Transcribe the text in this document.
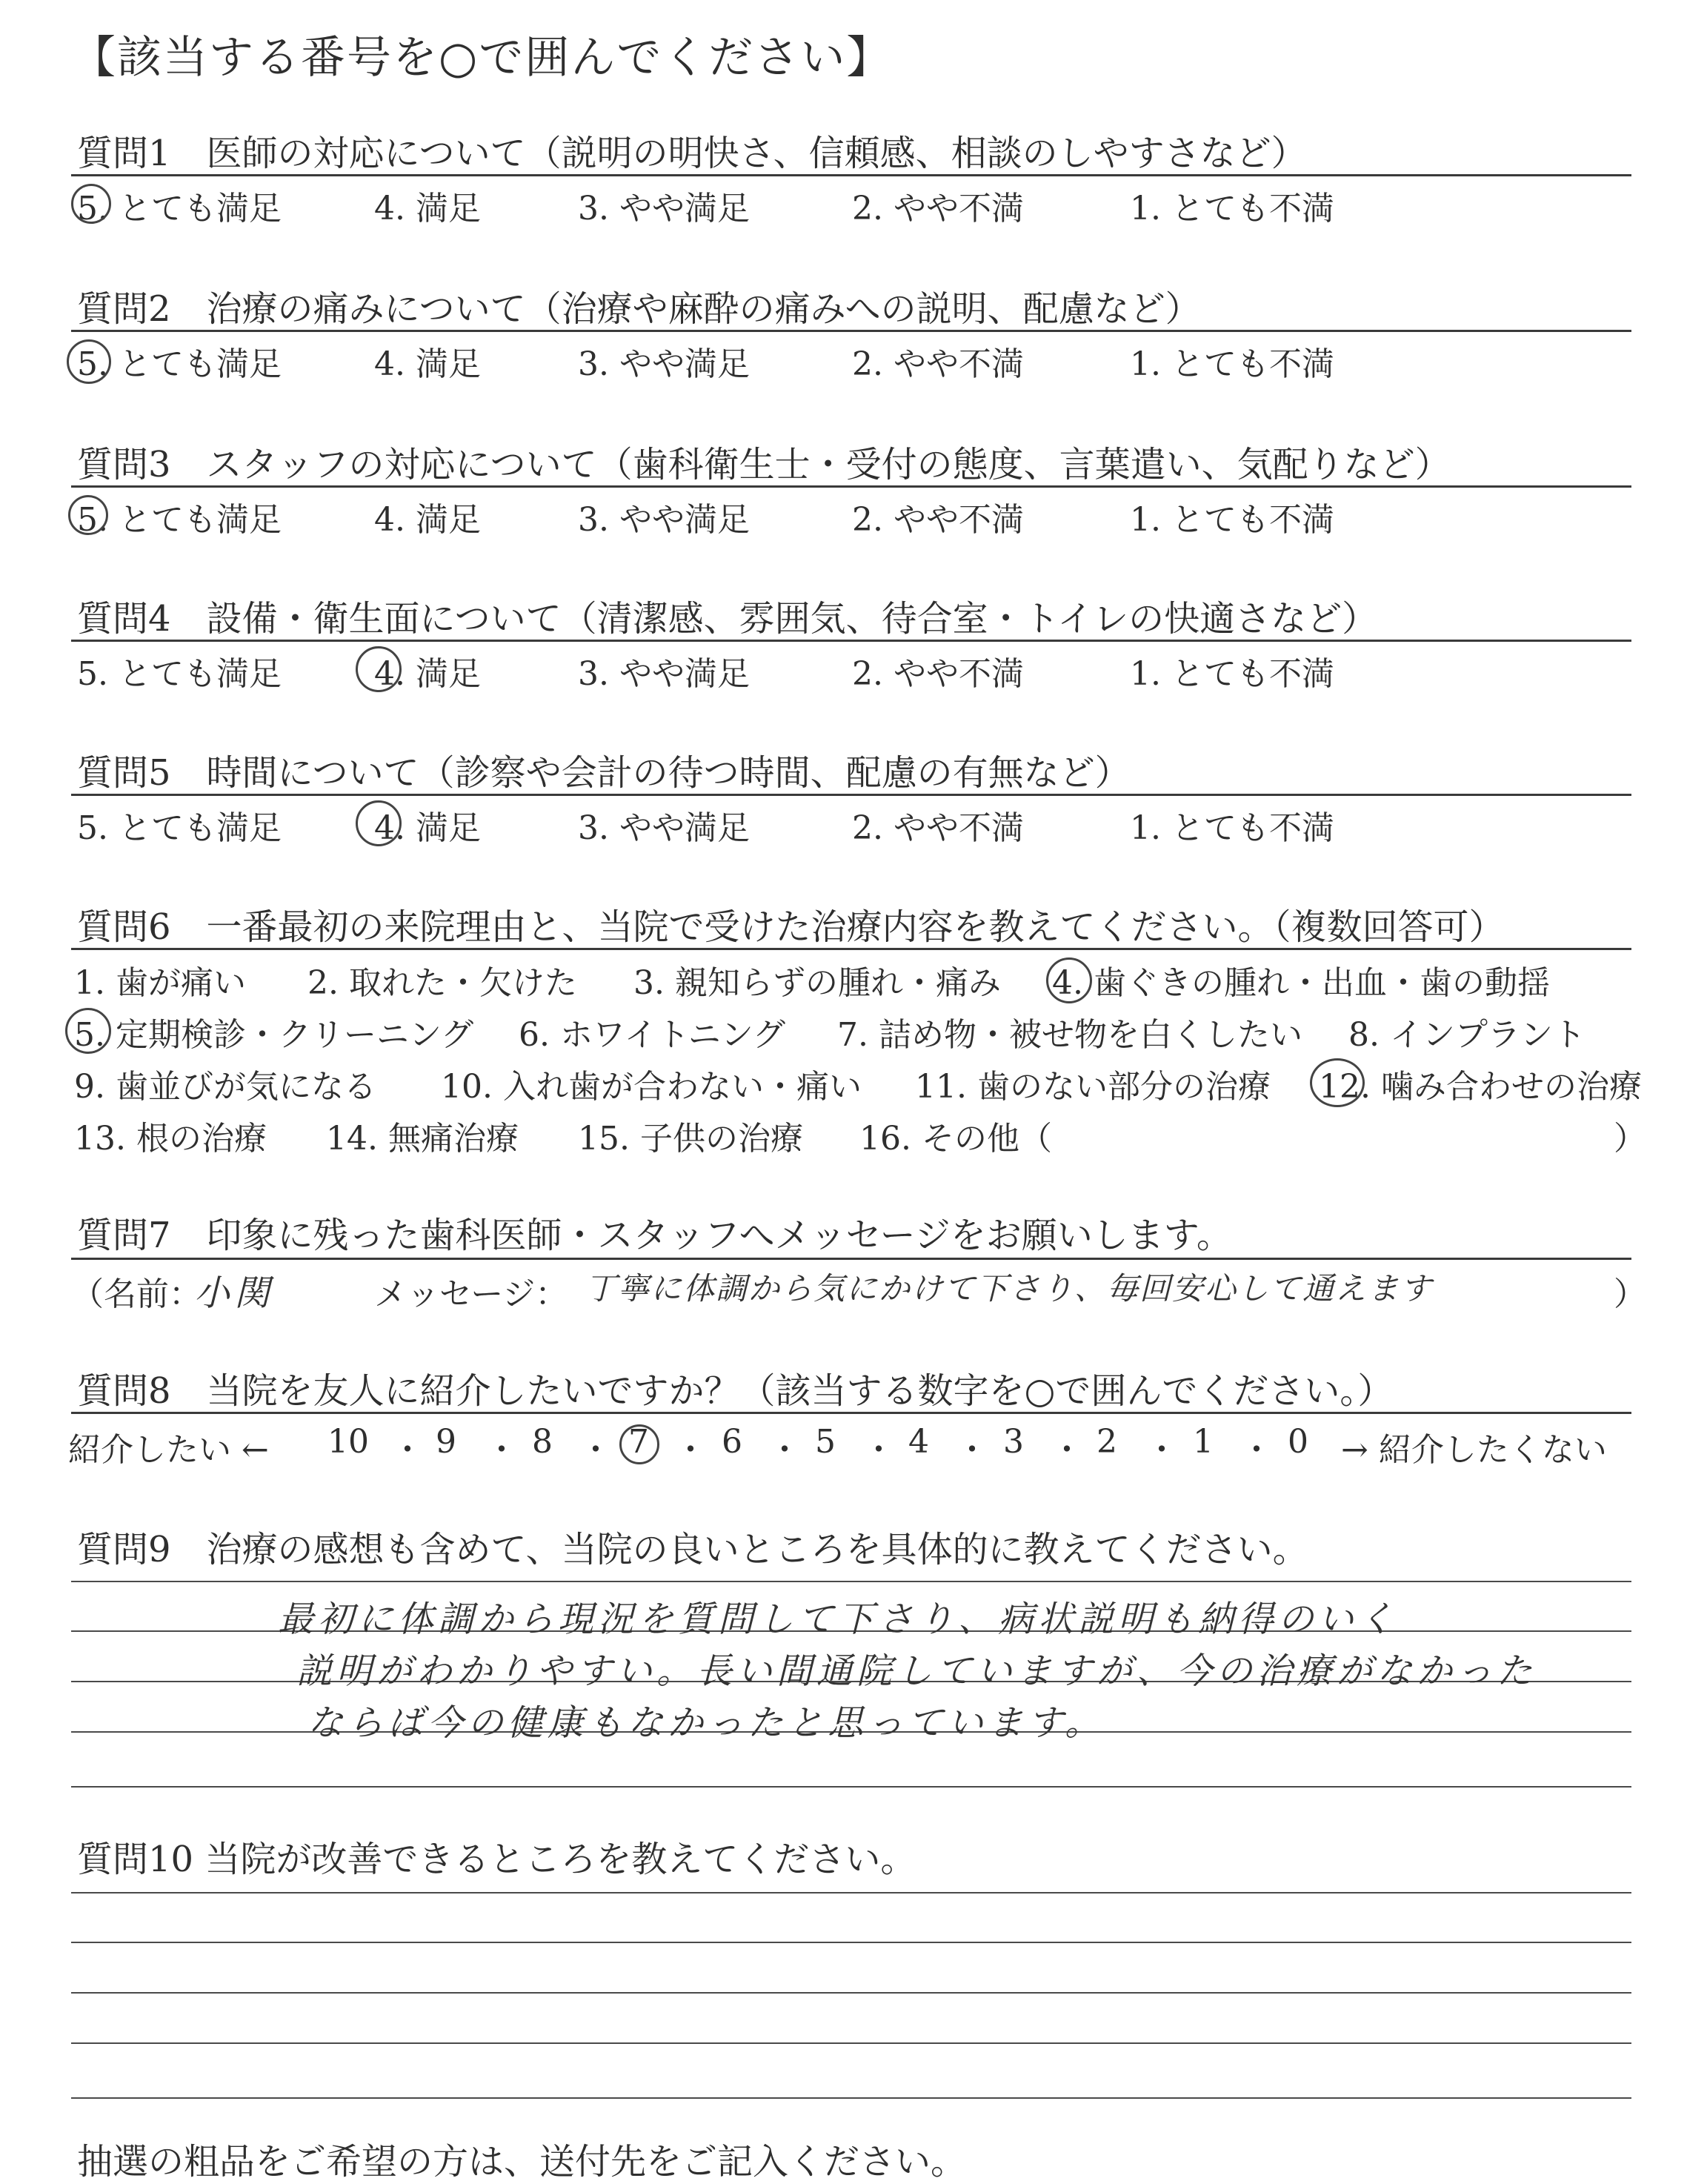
【該当する番号を○で囲んでください】
質問1　医師の対応について（説明の明快さ、信頼感、相談のしやすさなど）
5. とても満足	4. 満足	3. やや満足	2. やや不満	1. とても不満
質問2　治療の痛みについて（治療や麻酔の痛みへの説明、配慮など）
5. とても満足	4. 満足	3. やや満足	2. やや不満	1. とても不満
質問3　スタッフの対応について（歯科衛生士・受付の態度、言葉遣い、気配りなど）
5. とても満足	4. 満足	3. やや満足	2. やや不満	1. とても不満
質問4　設備・衛生面について（清潔感、雰囲気、待合室・トイレの快適さなど）
5. とても満足	4. 満足	3. やや満足	2. やや不満	1. とても不満
質問5　時間について（診察や会計の待つ時間、配慮の有無など）
5. とても満足	4. 満足	3. やや満足	2. やや不満	1. とても不満
質問6　一番最初の来院理由と、当院で受けた治療内容を教えてください。（複数回答可）
1. 歯が痛い 2. 取れた・欠けた 3. 親知らずの腫れ・痛み 4. 歯ぐきの腫れ・出血・歯の動揺
5. 定期検診・クリーニング 6. ホワイトニング 7. 詰め物・被せ物を白くしたい 8. インプラント
9. 歯並びが気になる 10. 入れ歯が合わない・痛い 11. 歯のない部分の治療 12. 噛み合わせの治療
13. 根の治療 14. 無痛治療 15. 子供の治療 16. その他（	）
質問7　印象に残った歯科医師・スタッフへメッセージをお願いします。
（名前：
小関	メッセージ： 丁寧に体調から気にかけて下さり、毎回安心して通えます	）
質問8　当院を友人に紹介したいですか？（該当する数字を○で囲んでください。）
紹介したい ← 10 9 8 7 6 5 4 3 2 1 0
・ ・ ・ ・ ・ ・ ・ ・ ・ ・ → 紹介したくない
質問9　治療の感想も含めて、当院の良いところを具体的に教えてください。
最初に体調から現況を質問して下さり、病状説明も納得のいく
説明がわかりやすい。長い間通院していますが、今の治療がなかった
ならば今の健康もなかったと思っています。
質問10 当院が改善できるところを教えてください。
抽選の粗品をご希望の方は、送付先をご記入ください。
